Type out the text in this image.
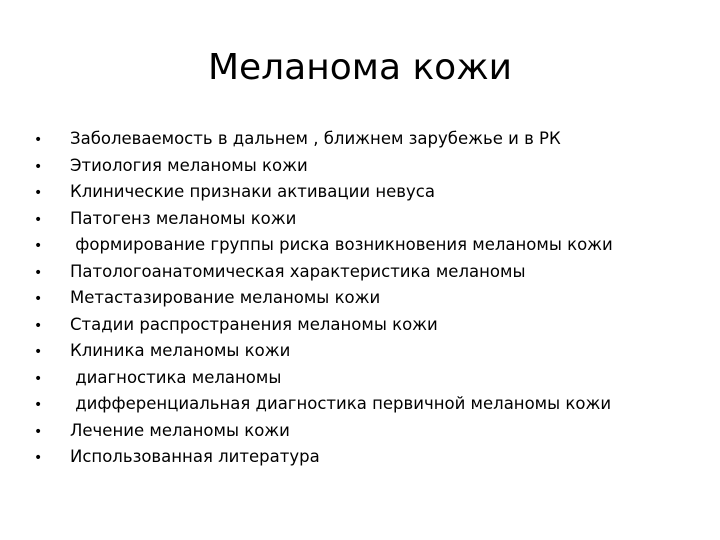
Меланома кожи
•	Заболеваемость в дальнем , ближнем зарубежье и в РК
•	Этиология меланомы кожи
•	Клинические признаки активации невуса
•	Патогенз меланомы кожи
•	формирование группы риска возникновения меланомы кожи
•	Патологоанатомическая характеристика меланомы
•	Метастазирование меланомы кожи
•	Стадии распространения меланомы кожи
•	Клиника меланомы кожи
•	диагностика меланомы
•	дифференциальная диагностика первичной меланомы кожи
•	Лечение меланомы кожи
•	Использованная литература
